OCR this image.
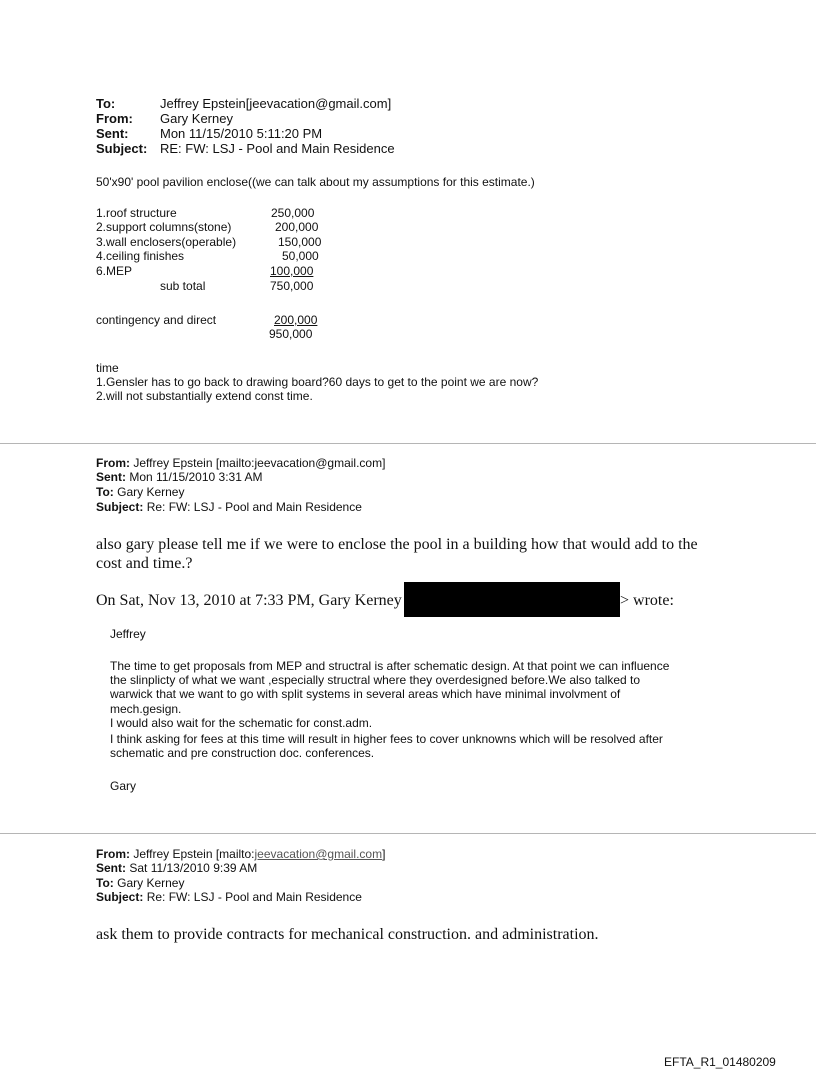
To:	Jeffrey Epstein[jeevacation@gmail.com]
From: Gary Kerney
Sent: Mon 11/15/2010 5:11:20 PM
Subject: RE: FW: LSJ - Pool and Main Residence
50'x90' pool pavilion enclose((we can talk about my assumptions for this estimate.)
1.roof structure	250,000
2.support columns(stone)	200,000
3.wall enclosers(operable)	150,000
4.ceiling finishes	50,000
6.MEP	100,000
sub total	750,000
contingency and direct	200,000
950,000
time
1.Gensler has to go back to drawing board?60 days to get to the point we are now?
2.will not substantially extend const time.
From: Jeffrey Epstein [mailto:jeevacation@gmail.com]
Sent: Mon 11/15/2010 3:31 AM
To: Gary Kerney
Subject: Re: FW: LSJ - Pool and Main Residence
also gary please tell me if we were to enclose the pool in a building how that would add to the
cost and time.?
On Sat, Nov 13, 2010 at 7:33 PM, Gary Kerney	> wrote:
Jeffrey
The time to get proposals from MEP and structral is after schematic design. At that point we can influence
the slinplicty of what we want ,especially structral where they overdesigned before.We also talked to
warwick that we want to go with split systems in several areas which have minimal involvment of
mech.gesign.
I would also wait for the schematic for const.adm.
I think asking for fees at this time will result in higher fees to cover unknowns which will be resolved after
schematic and pre construction doc. conferences.
Gary
From: Jeffrey Epstein [mailto:jeevacation@gmail.com]
Sent: Sat 11/13/2010 9:39 AM
To: Gary Kerney
Subject: Re: FW: LSJ - Pool and Main Residence
ask them to provide contracts for mechanical construction. and administration.
EFTA_R1_01480209
